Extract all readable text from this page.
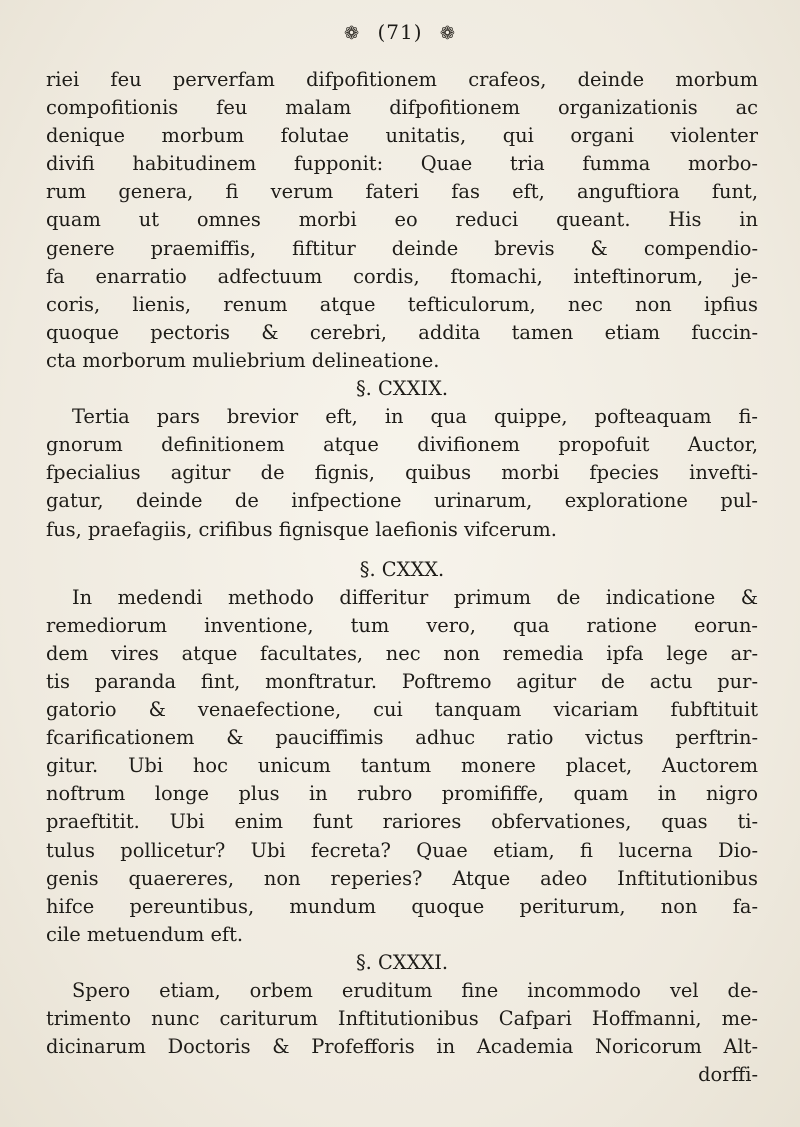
❁ (71) ❁
riei feu perverfam difpofitionem crafeos, deinde morbum
compofitionis feu malam difpofitionem organizationis ac
denique morbum folutae unitatis, qui organi violenter
divifi habitudinem fupponit: Quae tria fumma morbo-
rum genera, fi verum fateri fas eft, anguftiora funt,
quam ut omnes morbi eo reduci queant. His in
genere praemiffis, fiftitur deinde brevis & compendio-
fa enarratio adfectuum cordis, ftomachi, inteftinorum, je-
coris, lienis, renum atque tefticulorum, nec non ipfius
quoque pectoris & cerebri, addita tamen etiam fuccin-
cta morborum muliebrium delineatione.
§. CXXIX.
Tertia pars brevior eft, in qua quippe, pofteaquam fi-
gnorum definitionem atque divifionem propofuit Auctor,
fpecialius agitur de fignis, quibus morbi fpecies invefti-
gatur, deinde de infpectione urinarum, exploratione pul-
fus, praefagiis, crifibus fignisque laefionis vifcerum.
§. CXXX.
In medendi methodo differitur primum de indicatione &
remediorum inventione, tum vero, qua ratione eorun-
dem vires atque facultates, nec non remedia ipfa lege ar-
tis paranda fint, monftratur. Poftremo agitur de actu pur-
gatorio & venaefectione, cui tanquam vicariam fubftituit
fcarificationem & pauciffimis adhuc ratio victus perftrin-
gitur. Ubi hoc unicum tantum monere placet, Auctorem
noftrum longe plus in rubro promififfe, quam in nigro
praeftitit. Ubi enim funt rariores obfervationes, quas ti-
tulus pollicetur? Ubi fecreta? Quae etiam, fi lucerna Dio-
genis quaereres, non reperies? Atque adeo Inftitutionibus
hifce pereuntibus, mundum quoque periturum, non fa-
cile metuendum eft.
§. CXXXI.
Spero etiam, orbem eruditum fine incommodo vel de-
trimento nunc cariturum Inftitutionibus Cafpari Hoffmanni, me-
dicinarum Doctoris & Profefforis in Academia Noricorum Alt-
dorffi-
